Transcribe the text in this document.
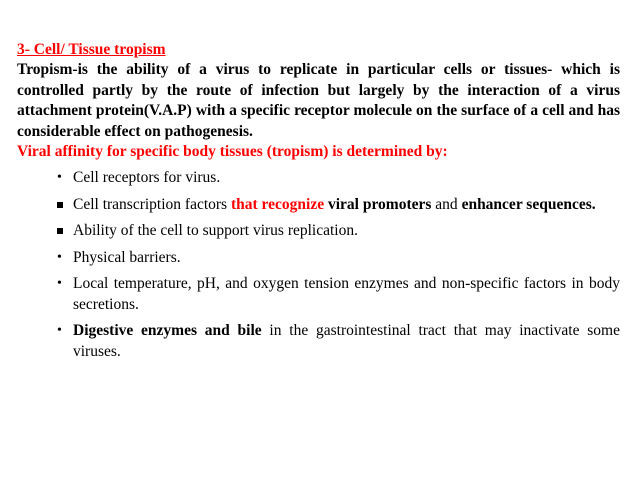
3- Cell/ Tissue tropism
Tropism-is the ability of a virus to replicate in particular cells or tissues- which is controlled partly by the route of infection but largely by the interaction of a virus attachment protein(V.A.P) with a specific receptor molecule on the surface of a cell and has considerable effect on pathogenesis.
Viral affinity for specific body tissues (tropism) is determined by:
• Cell receptors for virus.
Cell transcription factors that recognize viral promoters and enhancer sequences.
Ability of the cell to support virus replication.
• Physical barriers.
• Local temperature, pH, and oxygen tension enzymes and non-specific factors in body secretions.
• Digestive enzymes and bile in the gastrointestinal tract that may inactivate some viruses.
